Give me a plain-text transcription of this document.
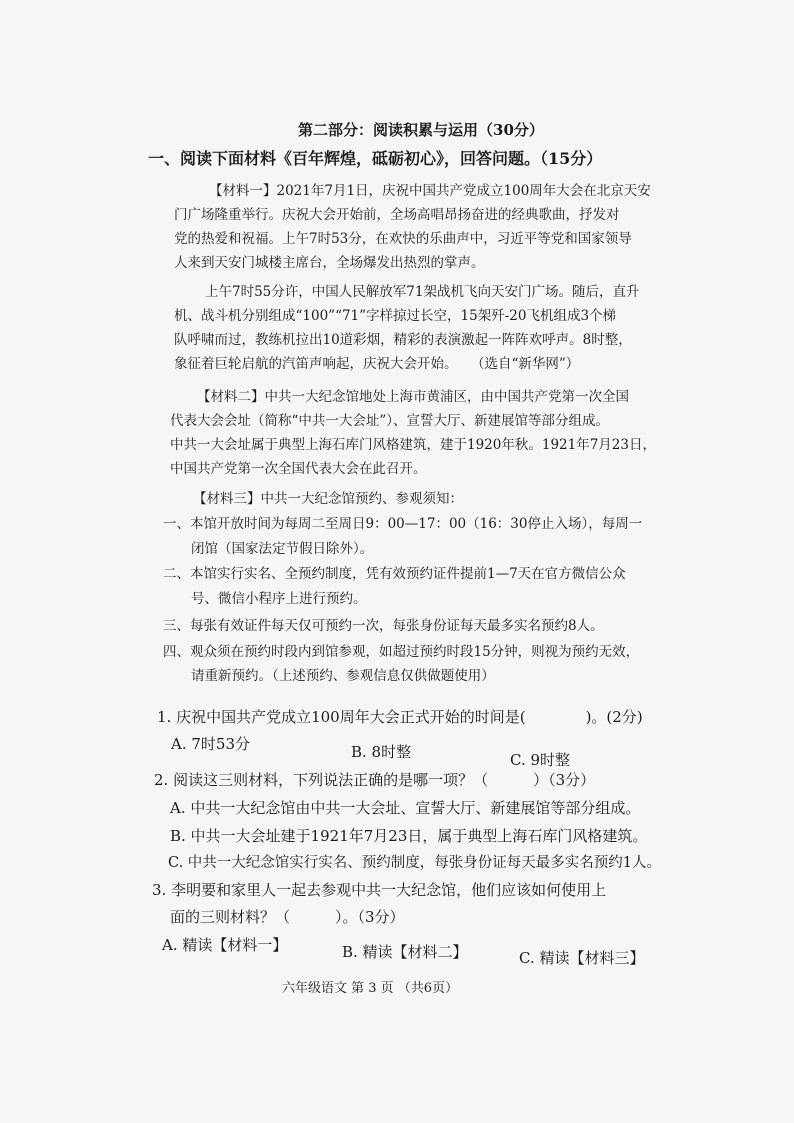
第二部分：阅读积累与运用（30分）
一、阅读下面材料《百年辉煌，砥砺初心》，回答问题。（15分）
【材料一】2021年7月1日，庆祝中国共产党成立100周年大会在北京天安
门广场隆重举行。庆祝大会开始前，全场高唱昂扬奋进的经典歌曲，抒发对
党的热爱和祝福。上午7时53分，在欢快的乐曲声中，习近平等党和国家领导
人来到天安门城楼主席台，全场爆发出热烈的掌声。
上午7时55分许，中国人民解放军71架战机飞向天安门广场。随后，直升
机、战斗机分别组成“100”“71”字样掠过长空，15架歼-20飞机组成3个梯
队呼啸而过，教练机拉出10道彩烟，精彩的表演激起一阵阵欢呼声。8时整，
象征着巨轮启航的汽笛声响起，庆祝大会开始。　　（选自“新华网”）
【材料二】中共一大纪念馆地处上海市黄浦区，由中国共产党第一次全国
代表大会会址（简称“中共一大会址”）、宣誓大厅、新建展馆等部分组成。
中共一大会址属于典型上海石库门风格建筑，建于1920年秋。1921年7月23日，
中国共产党第一次全国代表大会在此召开。
【材料三】中共一大纪念馆预约、参观须知：
一、本馆开放时间为每周二至周日9：00—17：00（16：30停止入场），每周一
闭馆（国家法定节假日除外）。
二、本馆实行实名、全预约制度，凭有效预约证件提前1—7天在官方微信公众
号、微信小程序上进行预约。
三、每张有效证件每天仅可预约一次，每张身份证每天最多实名预约8人。
四、观众须在预约时段内到馆参观，如超过预约时段15分钟，则视为预约无效，
请重新预约。（上述预约、参观信息仅供做题使用）
1. 庆祝中国共产党成立100周年大会正式开始的时间是(　　　　)。(2分)
A. 7时53分	B. 8时整	C. 9时整
2. 阅读这三则材料，下列说法正确的是哪一项？（　　　）（3分）
A. 中共一大纪念馆由中共一大会址、宣誓大厅、新建展馆等部分组成。
B. 中共一大会址建于1921年7月23日，属于典型上海石库门风格建筑。
C. 中共一大纪念馆实行实名、预约制度，每张身份证每天最多实名预约1人。
3. 李明要和家里人一起去参观中共一大纪念馆，他们应该如何使用上
面的三则材料？（　　　）。（3分）
A. 精读【材料一】	B. 精读【材料二】	C. 精读【材料三】
六年级语文 第 3 页 （共6页）
